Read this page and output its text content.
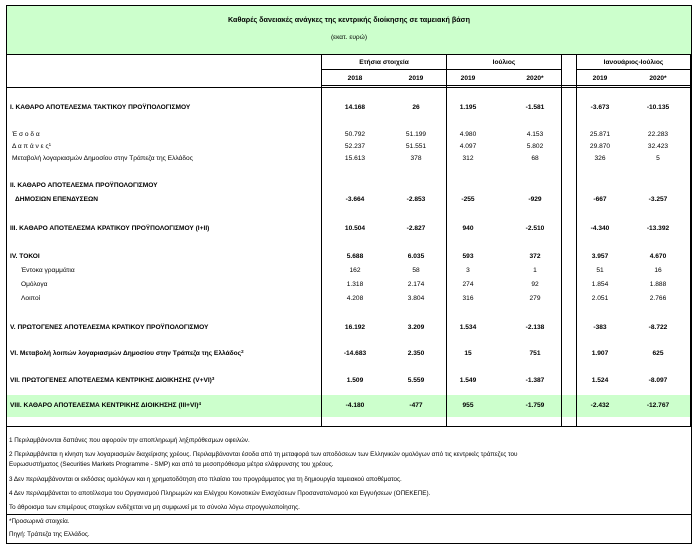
Καθαρές δανειακές ανάγκες της κεντρικής διοίκησης σε ταμειακή βάση
(εκατ. ευρώ)
Ετήσια στοιχεία	Ιούλιος	Ιανουάριος-Ιούλιος
2018	2019	2019	2020*	2019	2020*
I. ΚΑΘΑΡΟ ΑΠΟΤΕΛΕΣΜΑ ΤΑΚΤΙΚΟΥ ΠΡΟΫΠΟΛΟΓΙΣΜΟΥ	14.168	26	1.195	-1.581	-3.673	-10.135
Έ σ ο δ α	50.792	51.199	4.980	4.153	25.871	22.283
Δ α π ά ν ε $\varsigma^1$	52.237	51.551	4.097	5.802	29.870	32.423
Μεταβολή λογαριασμών Δημοσίου στην Τράπεζα της Ελλάδος	15.613	378	312	68	326	5
II. ΚΑΘΑΡΟ ΑΠΟΤΕΛΕΣΜΑ ΠΡΟΫΠΟΛΟΓΙΣΜΟΥ
ΔΗΜΟΣΙΩΝ ΕΠΕΝΔΥΣΕΩΝ	-3.664	-2.853	-255	-929	-667	-3.257
III. ΚΑΘΑΡΟ ΑΠΟΤΕΛΕΣΜΑ ΚΡΑΤΙΚΟΥ ΠΡΟΫΠΟΛΟΓΙΣΜΟΥ (I+II)	10.504	-2.827	940	-2.510	-4.340	-13.392
IV. ΤΟΚΟΙ	5.688	6.035	593	372	3.957	4.670
Έντοκα γραμμάτια	162	58	3	1	51	16
Ομόλογα	1.318	2.174	274	92	1.854	1.888
Λοιποί	4.208	3.804	316	279	2.051	2.766
V. ΠΡΩΤΟΓΕΝΕΣ ΑΠΟΤΕΛΕΣΜΑ ΚΡΑΤΙΚΟΥ ΠΡΟΫΠΟΛΟΓΙΣΜΟΥ	16.192	3.209	1.534	-2.138	-383	-8.722
VI. Μεταβολή λοιπών λογαριασμών Δημοσίου στην Τράπεζα της Ελλάδος$^2$	-14.683	2.350	15	751	1.907	625
VII. ΠΡΩΤΟΓΕΝΕΣ ΑΠΟΤΕΛΕΣΜΑ ΚΕΝΤΡΙΚΗΣ ΔΙΟΙΚΗΣΗΣ $(V+VI)^3$	1.509	5.559	1.549	-1.387	1.524	-8.097
VIII. ΚΑΘΑΡΟ ΑΠΟΤΕΛΕΣΜΑ ΚΕΝΤΡΙΚΗΣ ΔΙΟΙΚΗΣΗΣ $(III+VI)^4$	-4.180	-477	955	-1.759	-2.432	-12.767
1 Περιλαμβάνονται δαπάνες που αφορούν την αποπληρωμή ληξιπρόθεσμων οφειλών.
2 Περιλαμβάνεται η κίνηση των λογαριασμών διαχείρισης χρέους. Περιλαμβάνονται έσοδα από τη μεταφορά των αποδόσεων των Ελληνικών ομολόγων από τις κεντρικές τράπεζες του
Ευρωσυστήματος (Securities Markets Programme - SMP) και από τα μεσοπρόθεσμα μέτρα ελάφρυνσης του χρέους.
3 Δεν περιλαμβάνονται οι εκδόσεις ομολόγων και η χρηματοδότηση στο πλαίσιο του προγράμματος για τη δημιουργία ταμειακού αποθέματος.
4 Δεν περιλαμβάνεται το αποτέλεσμα του Οργανισμού Πληρωμών και Ελέγχου Κοινοτικών Ενισχύσεων Προσανατολισμού και Εγγυήσεων (ΟΠΕΚΕΠΕ).
Το άθροισμα των επιμέρους στοιχείων ενδέχεται να μη συμφωνεί με το σύνολο λόγω στρογγυλοποίησης.
*Προσωρινά στοιχεία.
Πηγή: Τράπεζα της Ελλάδος.
